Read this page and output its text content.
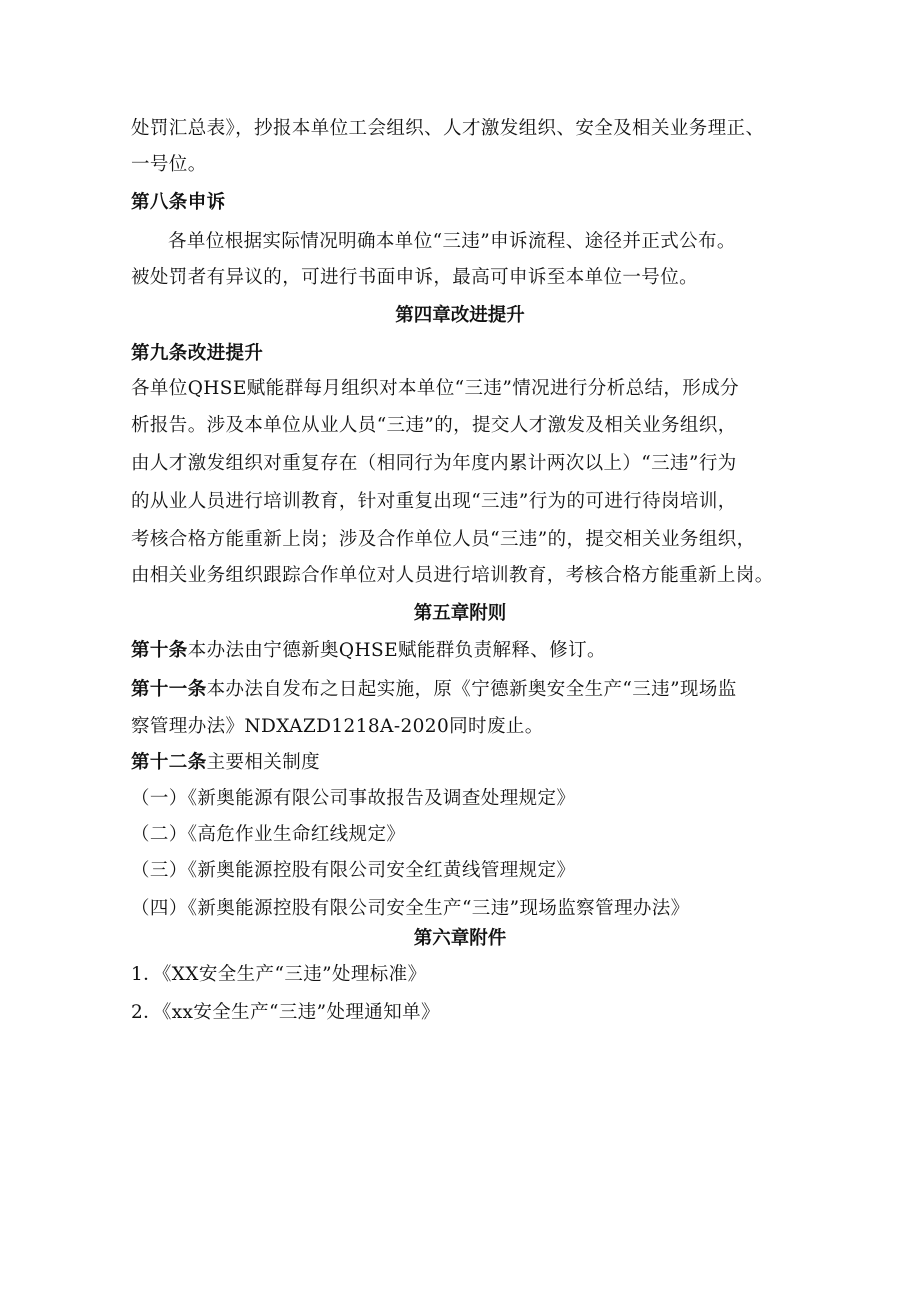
处罚汇总表》，抄报本单位工会组织、人才激发组织、安全及相关业务理正、
一号位。
第八条申诉
各单位根据实际情况明确本单位“三违”申诉流程、途径并正式公布。
被处罚者有异议的，可进行书面申诉，最高可申诉至本单位一号位。
第四章改进提升
第九条改进提升
各单位QHSE赋能群每月组织对本单位“三违”情况进行分析总结，形成分
析报告。涉及本单位从业人员“三违”的，提交人才激发及相关业务组织，
由人才激发组织对重复存在（相同行为年度内累计两次以上）“三违”行为
的从业人员进行培训教育，针对重复出现“三违”行为的可进行待岗培训，
考核合格方能重新上岗；涉及合作单位人员“三违”的，提交相关业务组织，
由相关业务组织跟踪合作单位对人员进行培训教育，考核合格方能重新上岗。
第五章附则
第十条本办法由宁德新奥QHSE赋能群负责解释、修订。
第十一条本办法自发布之日起实施，原《宁德新奥安全生产“三违”现场监
察管理办法》NDXAZD1218A-2020同时废止。
第十二条主要相关制度
（一）《新奥能源有限公司事故报告及调查处理规定》
（二）《高危作业生命红线规定》
（三）《新奥能源控股有限公司安全红黄线管理规定》
（四）《新奥能源控股有限公司安全生产“三违”现场监察管理办法》
第六章附件
1．《XX安全生产“三违”处理标准》
2．《xx安全生产“三违”处理通知单》
